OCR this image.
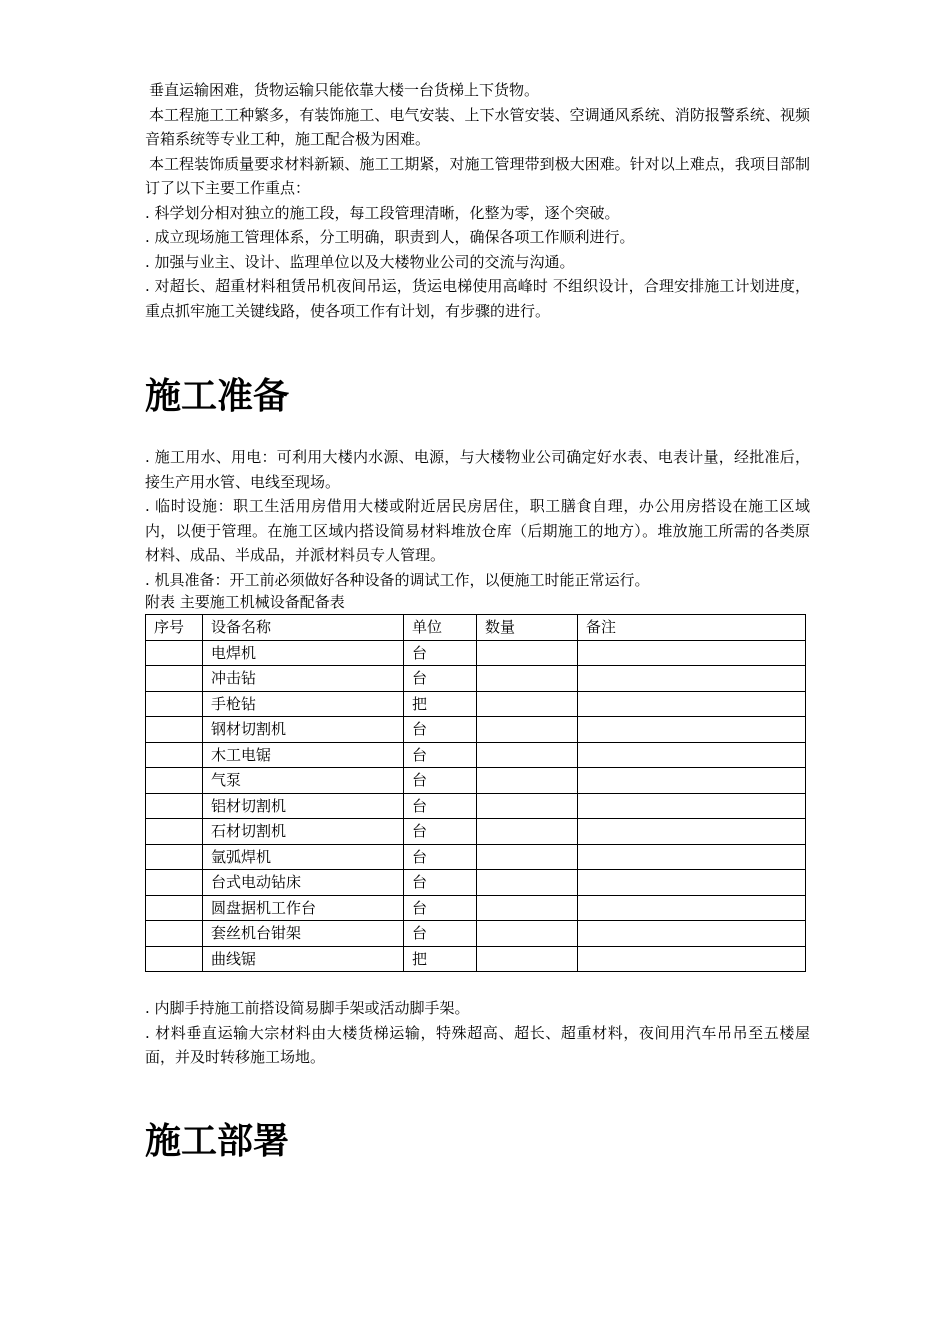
垂直运输困难，货物运输只能依靠大楼一台货梯上下货物。

本工程施工工种繁多，有装饰施工、电气安装、上下水管安装、空调通风系统、消防报警系统、视频音箱系统等专业工种，施工配合极为困难。

本工程装饰质量要求材料新颖、施工工期紧，对施工管理带到极大困难。针对以上难点，我项目部制订了以下主要工作重点：

. 科学划分相对独立的施工段，每工段管理清晰，化整为零，逐个突破。

. 成立现场施工管理体系，分工明确，职责到人，确保各项工作顺利进行。

. 加强与业主、设计、监理单位以及大楼物业公司的交流与沟通。

. 对超长、超重材料租赁吊机夜间吊运，货运电梯使用高峰时 不组织设计，合理安排施工计划进度，重点抓牢施工关键线路，使各项工作有计划，有步骤的进行。

施工准备

. 施工用水、用电：可利用大楼内水源、电源，与大楼物业公司确定好水表、电表计量，经批准后，接生产用水管、电线至现场。

. 临时设施：职工生活用房借用大楼或附近居民房居住，职工膳食自理，办公用房搭设在施工区域内，以便于管理。在施工区域内搭设简易材料堆放仓库（后期施工的地方）。堆放施工所需的各类原材料、成品、半成品，并派材料员专人管理。

. 机具准备：开工前必须做好各种设备的调试工作，以便施工时能正常运行。

附表 主要施工机械设备配备表

序号	设备名称	单位	数量	备注
	电焊机	台		
	冲击钻	台		
	手枪钻	把		
	钢材切割机	台		
	木工电锯	台		
	气泵	台		
	铝材切割机	台		
	石材切割机	台		
	氩弧焊机	台		
	台式电动钻床	台		
	圆盘据机工作台	台		
	套丝机台钳架	台		
	曲线锯	把		

. 内脚手持施工前搭设简易脚手架或活动脚手架。

. 材料垂直运输大宗材料由大楼货梯运输，特殊超高、超长、超重材料，夜间用汽车吊吊至五楼屋面，并及时转移施工场地。

施工部署
